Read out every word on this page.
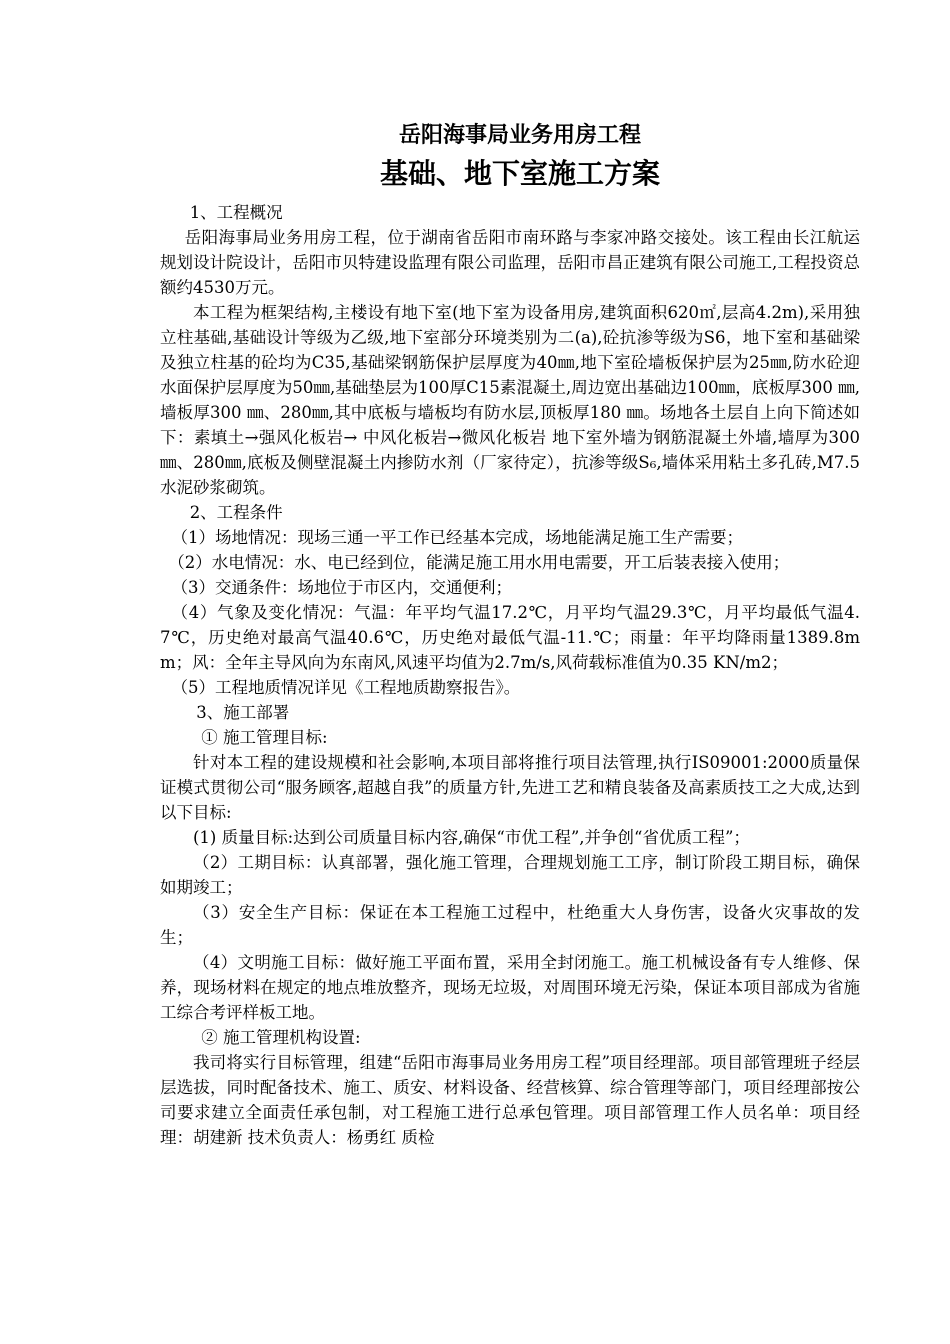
岳阳海事局业务用房工程
基础、地下室施工方案

1、工程概况

岳阳海事局业务用房工程，位于湖南省岳阳市南环路与李家冲路交接处。该工程由长江航运规划设计院设计，岳阳市贝特建设监理有限公司监理，岳阳市昌正建筑有限公司施工,工程投资总额约4530万元。

本工程为框架结构,主楼设有地下室(地下室为设备用房,建筑面积620㎡,层高4.2m),采用独立柱基础,基础设计等级为乙级,地下室部分环境类别为二(a),砼抗渗等级为S6，地下室和基础梁及独立柱基的砼均为C35,基础梁钢筋保护层厚度为40㎜,地下室砼墙板保护层为25㎜,防水砼迎水面保护层厚度为50㎜,基础垫层为100厚C15素混凝土,周边宽出基础边100㎜，底板厚300 ㎜,墙板厚300 ㎜、280㎜,其中底板与墙板均有防水层,顶板厚180 ㎜。场地各土层自上向下简述如下：素填土→强风化板岩→ 中风化板岩→微风化板岩 地下室外墙为钢筋混凝土外墙,墙厚为300㎜、280㎜,底板及侧壁混凝土内掺防水剂（厂家待定），抗渗等级S₆,墙体采用粘土多孔砖,M7.5水泥砂浆砌筑。

2、工程条件

（1）场地情况：现场三通一平工作已经基本完成，场地能满足施工生产需要；

（2）水电情况：水、电已经到位，能满足施工用水用电需要，开工后装表接入使用；

（3）交通条件：场地位于市区内，交通便利；

（4）气象及变化情况：气温：年平均气温17.2℃，月平均气温29.3℃，月平均最低气温4.7℃，历史绝对最高气温40.6℃，历史绝对最低气温-11.℃；雨量：年平均降雨量1389.8mm；风：全年主导风向为东南风,风速平均值为2.7m/s,风荷载标准值为0.35 KN/m2；

（5）工程地质情况详见《工程地质勘察报告》。

3、施工部署

① 施工管理目标:

针对本工程的建设规模和社会影响,本项目部将推行项目法管理,执行IS09001:2000质量保证模式贯彻公司“服务顾客,超越自我”的质量方针,先进工艺和精良装备及高素质技工之大成,达到以下目标:

(1) 质量目标:达到公司质量目标内容,确保“市优工程”,并争创“省优质工程”；

（2）工期目标：认真部署，强化施工管理，合理规划施工工序，制订阶段工期目标，确保如期竣工；

（3）安全生产目标：保证在本工程施工过程中，杜绝重大人身伤害，设备火灾事故的发生；

（4）文明施工目标：做好施工平面布置，采用全封闭施工。施工机械设备有专人维修、保养，现场材料在规定的地点堆放整齐，现场无垃圾，对周围环境无污染，保证本项目部成为省施工综合考评样板工地。

② 施工管理机构设置:

我司将实行目标管理，组建“岳阳市海事局业务用房工程”项目经理部。项目部管理班子经层层选拔，同时配备技术、施工、质安、材料设备、经营核算、综合管理等部门，项目经理部按公司要求建立全面责任承包制，对工程施工进行总承包管理。项目部管理工作人员名单：项目经理：胡建新 技术负责人：杨勇红 质检
